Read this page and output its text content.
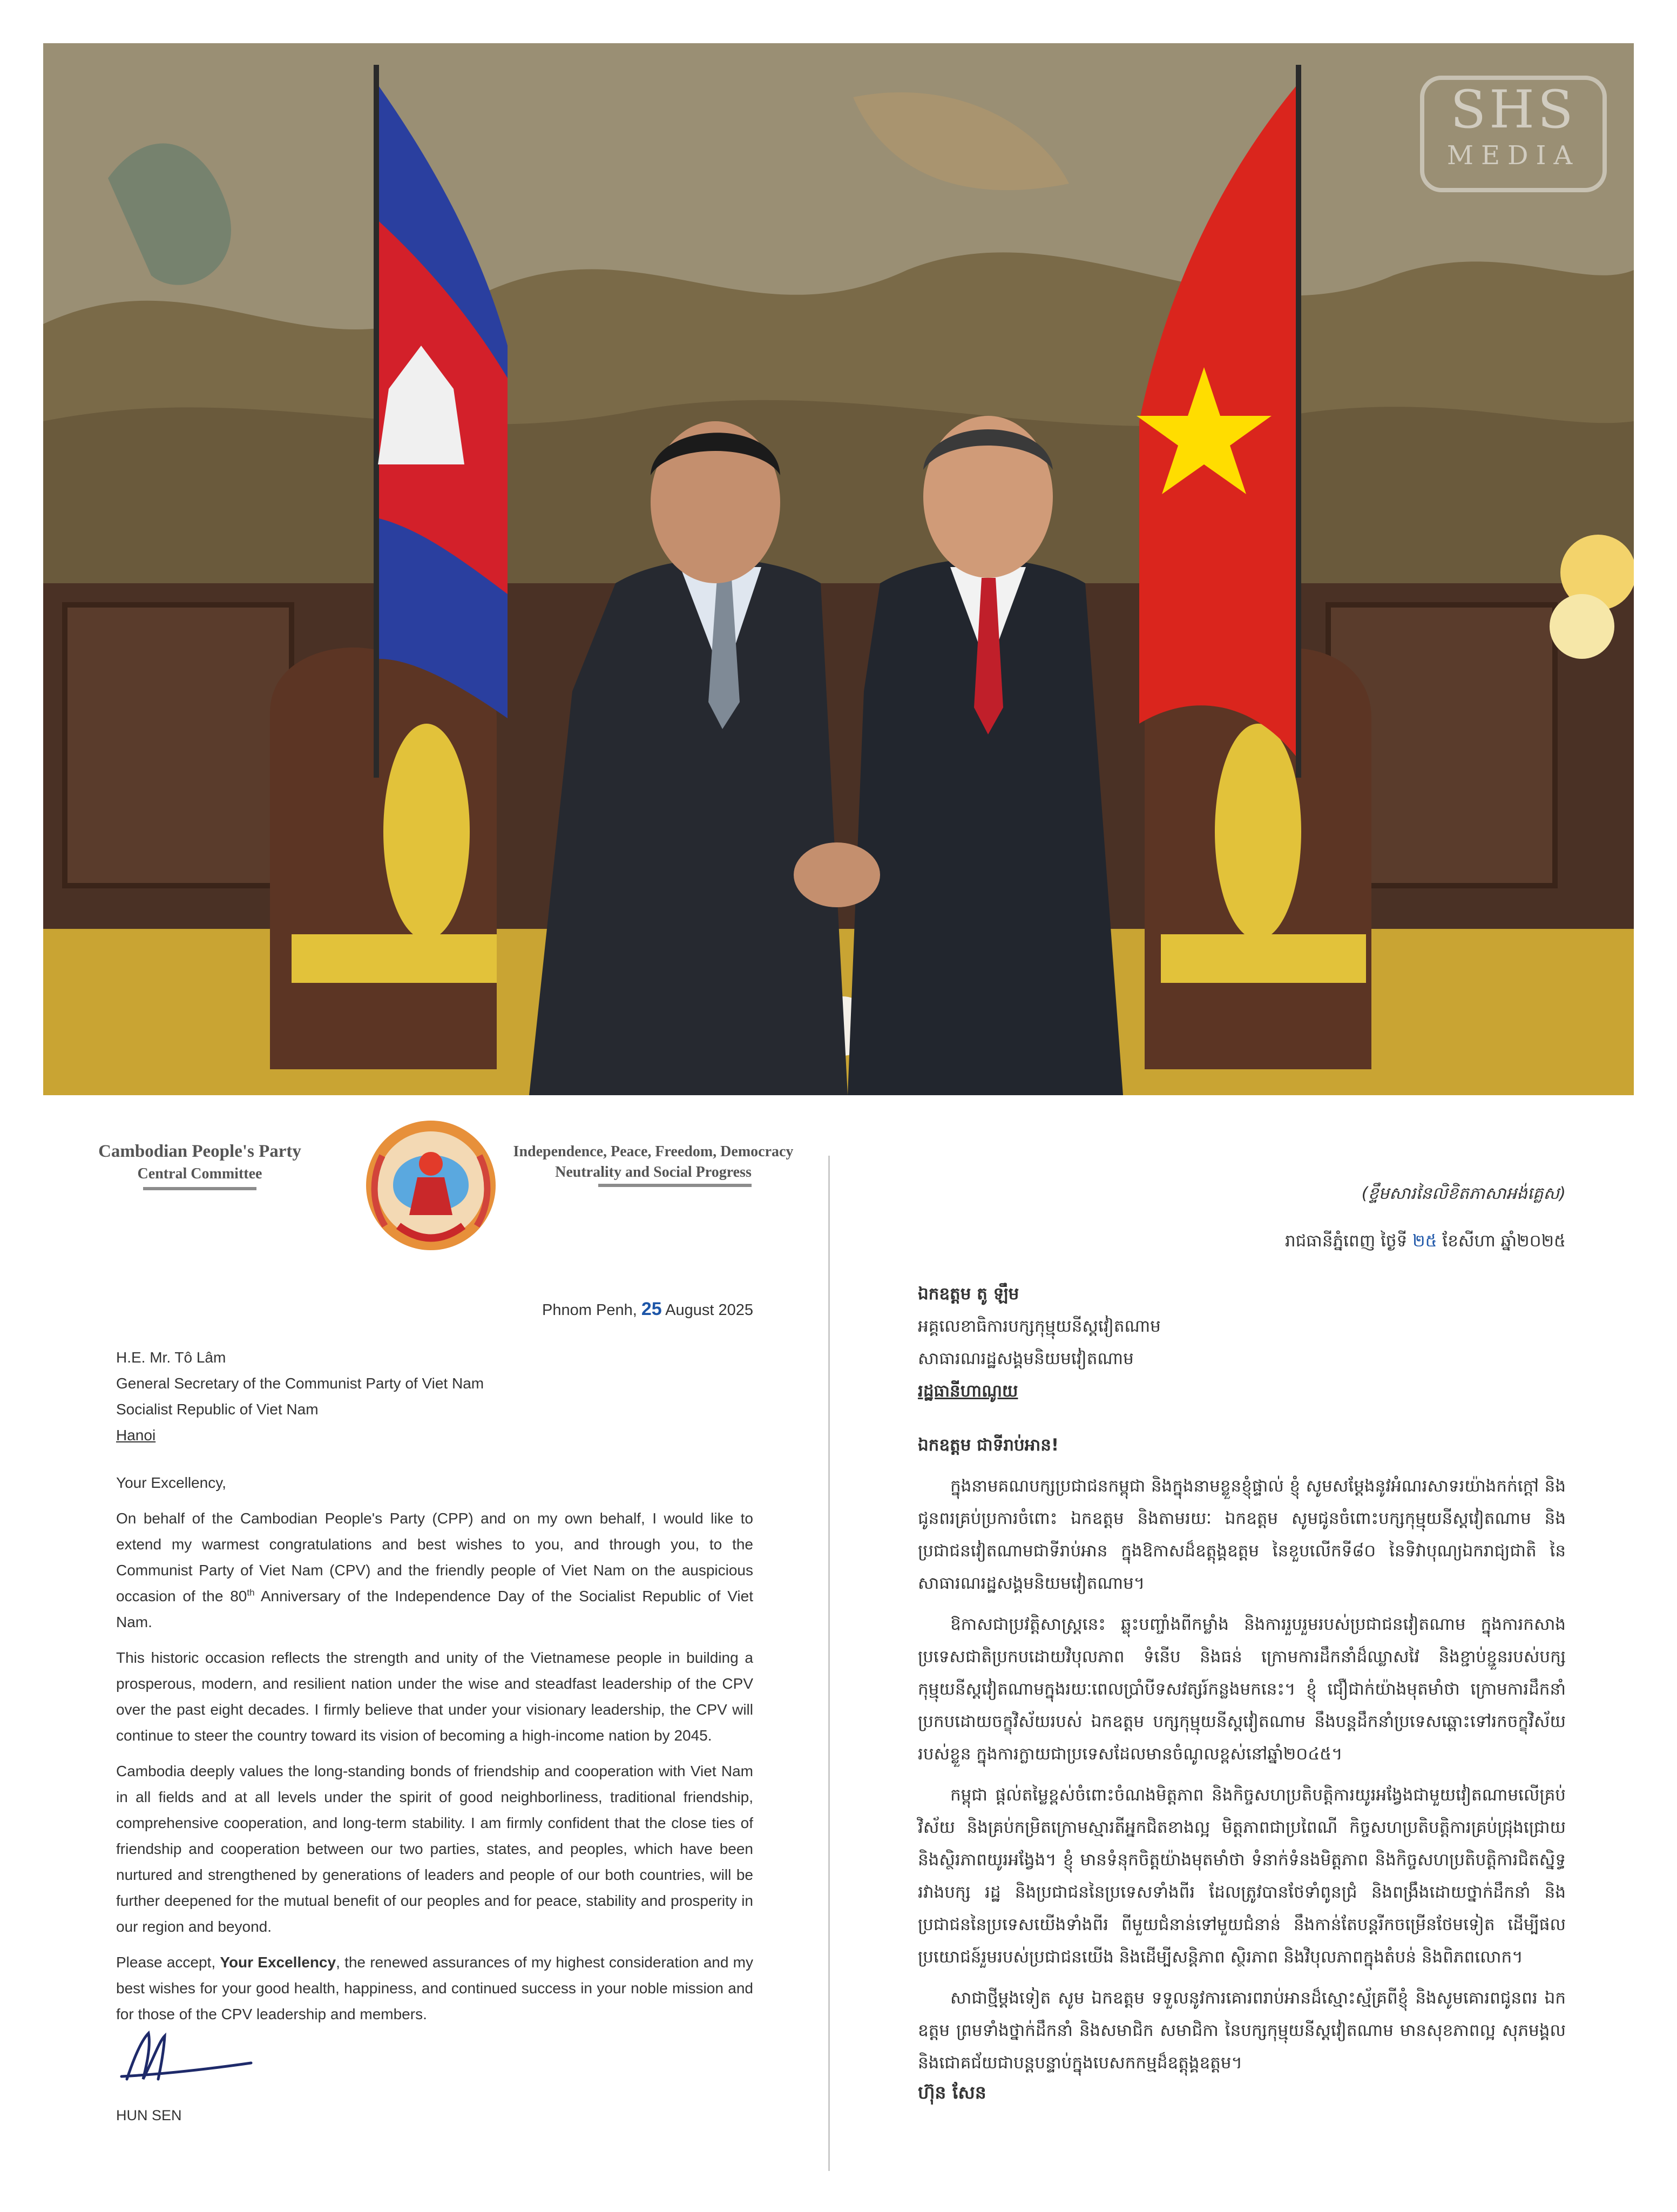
SHS
MEDIA
Cambodian People's Party
Central Committee
Independence, Peace, Freedom, Democracy
Neutrality and Social Progress
Phnom Penh, 25 August 2025
H.E. Mr. Tô Lâm
General Secretary of the Communist Party of Viet Nam
Socialist Republic of Viet Nam
Hanoi
Your Excellency,

On behalf of the Cambodian People's Party (CPP) and on my own behalf, I would like to extend my warmest congratulations and best wishes to you, and through you, to the Communist Party of Viet Nam (CPV) and the friendly people of Viet Nam on the auspicious occasion of the 80th Anniversary of the Independence Day of the Socialist Republic of Viet Nam.

This historic occasion reflects the strength and unity of the Vietnamese people in building a prosperous, modern, and resilient nation under the wise and steadfast leadership of the CPV over the past eight decades. I firmly believe that under your visionary leadership, the CPV will continue to steer the country toward its vision of becoming a high-income nation by 2045.

Cambodia deeply values the long-standing bonds of friendship and cooperation with Viet Nam in all fields and at all levels under the spirit of good neighborliness, traditional friendship, comprehensive cooperation, and long-term stability. I am firmly confident that the close ties of friendship and cooperation between our two parties, states, and peoples, which have been nurtured and strengthened by generations of leaders and people of our both countries, will be further deepened for the mutual benefit of our peoples and for peace, stability and prosperity in our region and beyond.

Please accept, Your Excellency, the renewed assurances of my highest consideration and my best wishes for your good health, happiness, and continued success in your noble mission and for those of the CPV leadership and members.

HUN SEN
(ខ្ទឹមសារនៃលិខិតភាសាអង់គ្លេស)
រាជធានីភ្នំពេញ ថ្ងៃទី ២៥ ខែសីហា ឆ្នាំ២០២៥
ឯកឧត្តម តូ ឡឹម
អគ្គលេខាធិការបក្សកុម្មុយនីស្តវៀតណាម
សាធារណរដ្ឋសង្គមនិយមវៀតណាម
រដ្ឋធានីហាណូយ
ឯកឧត្តម ជាទីរាប់អាន!

ក្នុងនាមគណបក្សប្រជាជនកម្ពុជា និងក្នុងនាមខ្លួនខ្ញុំផ្ទាល់ ខ្ញុំ សូមសម្តែងនូវអំណរសាទរយ៉ាងកក់ក្តៅ និងជូនពរគ្រប់ប្រការចំពោះ ឯកឧត្តម និងតាមរយៈ ឯកឧត្តម សូមជូនចំពោះបក្សកុម្មុយនីស្តវៀតណាម និងប្រជាជនវៀតណាមជាទីរាប់អាន ក្នុងឱកាសដ៏ឧត្តុង្គឧត្តម នៃខួបលើកទី៨០ នៃទិវាបុណ្យឯករាជ្យជាតិ នៃសាធារណរដ្ឋសង្គមនិយមវៀតណាម។

ឱកាសជាប្រវត្តិសាស្ត្រនេះ ឆ្លុះបញ្ចាំងពីកម្លាំង និងការរួបរួមរបស់ប្រជាជនវៀតណាម ក្នុងការកសាងប្រទេសជាតិប្រកបដោយវិបុលភាព ទំនើប និងធន់ ក្រោមការដឹកនាំដ៏ឈ្លាសវៃ និងខ្ជាប់ខ្ជួនរបស់បក្សកុម្មុយនីស្តវៀតណាមក្នុងរយៈពេលប្រាំបីទសវត្សរ៍កន្លងមកនេះ។ ខ្ញុំ ជឿជាក់យ៉ាងមុតមាំថា ក្រោមការដឹកនាំប្រកបដោយចក្ខុវិស័យរបស់ ឯកឧត្តម បក្សកុម្មុយនីស្តវៀតណាម នឹងបន្តដឹកនាំប្រទេសឆ្ពោះទៅរកចក្ខុវិស័យរបស់ខ្លួន ក្នុងការក្លាយជាប្រទេសដែលមានចំណូលខ្ពស់នៅឆ្នាំ២០៤៥។

កម្ពុជា ផ្តល់តម្លៃខ្ពស់ចំពោះចំណងមិត្តភាព និងកិច្ចសហប្រតិបត្តិការយូរអង្វែងជាមួយវៀតណាមលើគ្រប់វិស័យ និងគ្រប់កម្រិតក្រោមស្មារតីអ្នកជិតខាងល្អ មិត្តភាពជាប្រពៃណី កិច្ចសហប្រតិបត្តិការគ្រប់ជ្រុងជ្រោយ និងស្ថិរភាពយូរអង្វែង។ ខ្ញុំ មានទំនុកចិត្តយ៉ាងមុតមាំថា ទំនាក់ទំនងមិត្តភាព និងកិច្ចសហប្រតិបត្តិការជិតស្និទ្ធរវាងបក្ស រដ្ឋ និងប្រជាជននៃប្រទេសទាំងពីរ ដែលត្រូវបានថែទាំពូនជ្រំ និងពង្រឹងដោយថ្នាក់ដឹកនាំ និងប្រជាជននៃប្រទេសយើងទាំងពីរ ពីមួយជំនាន់ទៅមួយជំនាន់ នឹងកាន់តែបន្តរីកចម្រើនថែមទៀត ដើម្បីផលប្រយោជន៍រួមរបស់ប្រជាជនយើង និងដើម្បីសន្តិភាព ស្ថិរភាព និងវិបុលភាពក្នុងតំបន់ និងពិភពលោក។

សាជាថ្មីម្តងទៀត សូម ឯកឧត្តម ទទួលនូវការគោរពរាប់អានដ៏ស្មោះស្ម័គ្រពីខ្ញុំ និងសូមគោរពជូនពរ ឯកឧត្តម ព្រមទាំងថ្នាក់ដឹកនាំ និងសមាជិក សមាជិកា នៃបក្សកុម្មុយនីស្តវៀតណាម មានសុខភាពល្អ សុភមង្គល និងជោគជ័យជាបន្តបន្ទាប់ក្នុងបេសកកម្មដ៏ឧត្តុង្គឧត្តម។

ហ៊ុន សែន
